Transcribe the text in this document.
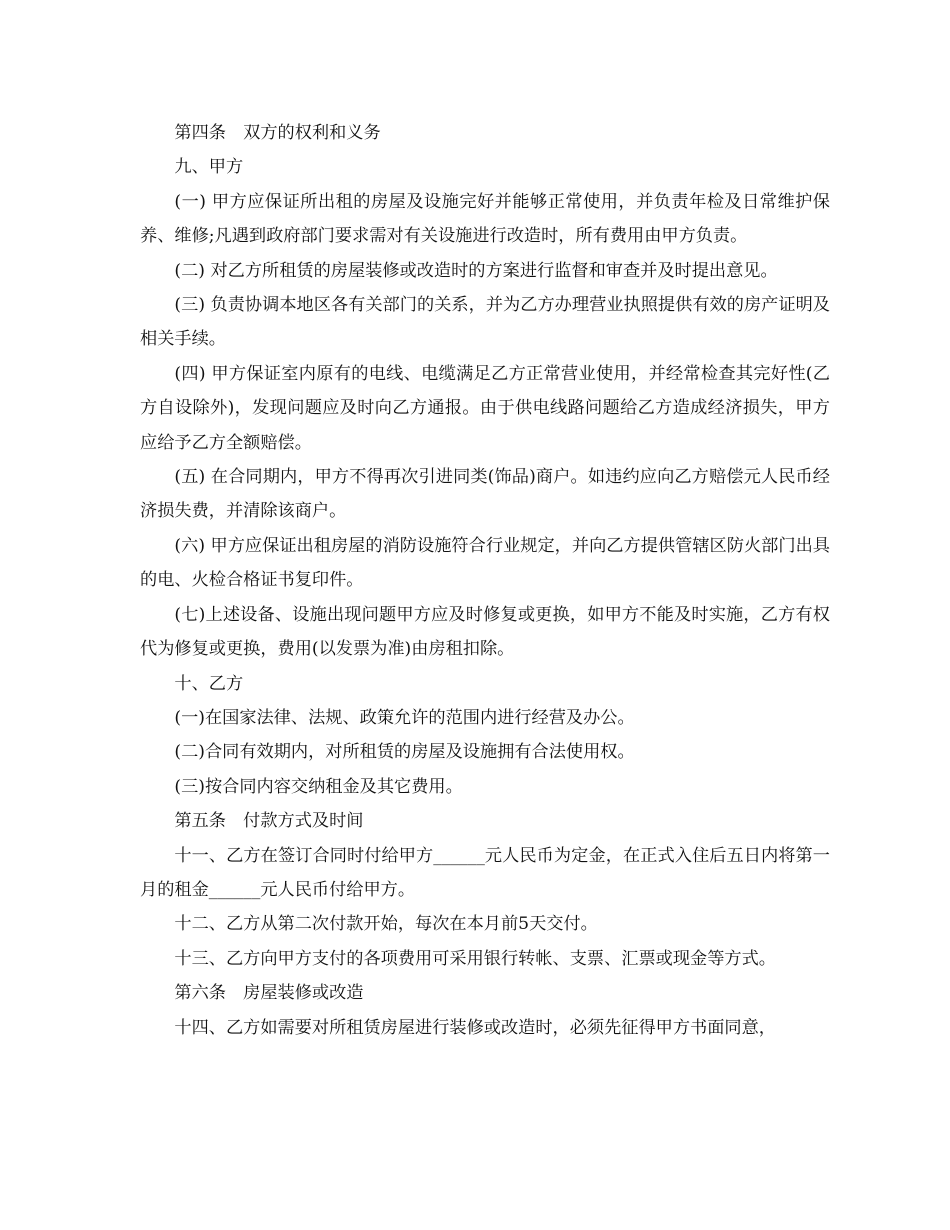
第四条　双方的权利和义务

九、甲方

(一) 甲方应保证所出租的房屋及设施完好并能够正常使用，并负责年检及日常维护保养、维修;凡遇到政府部门要求需对有关设施进行改造时，所有费用由甲方负责。

(二) 对乙方所租赁的房屋装修或改造时的方案进行监督和审查并及时提出意见。

(三) 负责协调本地区各有关部门的关系，并为乙方办理营业执照提供有效的房产证明及相关手续。

(四) 甲方保证室内原有的电线、电缆满足乙方正常营业使用，并经常检查其完好性(乙方自设除外)，发现问题应及时向乙方通报。由于供电线路问题给乙方造成经济损失，甲方应给予乙方全额赔偿。

(五) 在合同期内，甲方不得再次引进同类(饰品)商户。如违约应向乙方赔偿元人民币经济损失费，并清除该商户。

(六) 甲方应保证出租房屋的消防设施符合行业规定，并向乙方提供管辖区防火部门出具的电、火检合格证书复印件。

(七)上述设备、设施出现问题甲方应及时修复或更换，如甲方不能及时实施，乙方有权代为修复或更换，费用(以发票为准)由房租扣除。

十、乙方

(一)在国家法律、法规、政策允许的范围内进行经营及办公。

(二)合同有效期内，对所租赁的房屋及设施拥有合法使用权。

(三)按合同内容交纳租金及其它费用。

第五条　付款方式及时间

十一、乙方在签订合同时付给甲方______元人民币为定金，在正式入住后五日内将第一月的租金______元人民币付给甲方。

十二、乙方从第二次付款开始，每次在本月前5天交付。

十三、乙方向甲方支付的各项费用可采用银行转帐、支票、汇票或现金等方式。

第六条　房屋装修或改造

十四、乙方如需要对所租赁房屋进行装修或改造时，必须先征得甲方书面同意，
